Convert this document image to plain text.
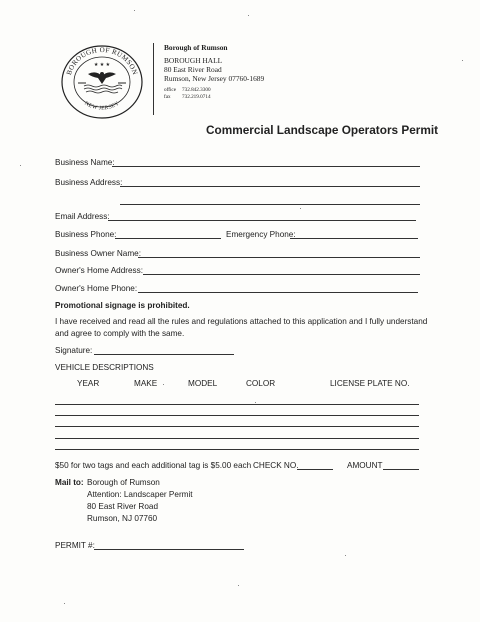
BOROUGH OF RUMSON
NEW JERSEY
★ ★ ★
Borough of Rumson
BOROUGH HALL
80 East River Road
Rumson, New Jersey 07760-1689
office 732.842.3300
fax 732.219.0714
Commercial Landscape Operators Permit
Business Name:
Business Address:
Email Address:
Business Phone:	Emergency Phone:
Business Owner Name:
Owner's Home Address:
Owner's Home Phone:
Promotional signage is prohibited.
I have received and read all the rules and regulations attached to this application and I fully understand
and agree to comply with the same.
Signature:
VEHICLE DESCRIPTIONS
YEAR	MAKE	MODEL	COLOR	LICENSE PLATE NO.
$50 for two tags and each additional tag is $5.00 each CHECK NO.	AMOUNT
Mail to: Borough of Rumson
Attention: Landscaper Permit
80 East River Road
Rumson, NJ 07760
PERMIT #:
